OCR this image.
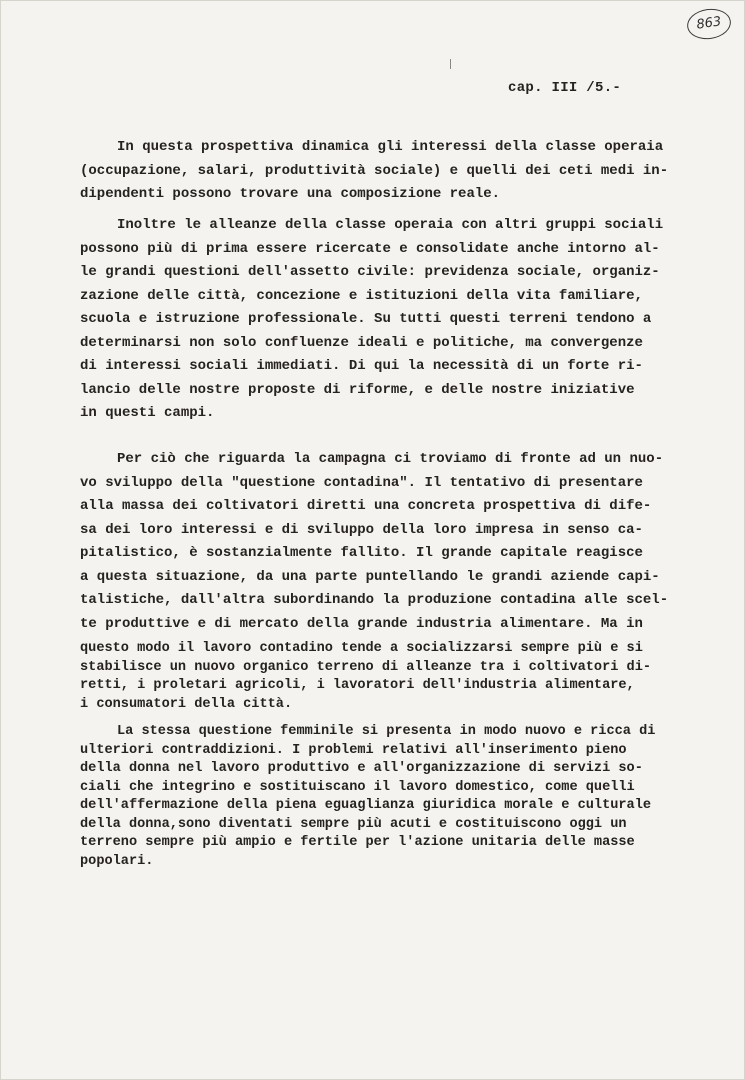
863
cap. III /5.-
In questa prospettiva dinamica gli interessi della classe operaia
(occupazione, salari, produttività sociale) e quelli dei ceti medi in-
dipendenti possono trovare una composizione reale.
Inoltre le alleanze della classe operaia con altri gruppi sociali
possono più di prima essere ricercate e consolidate anche intorno al-
le grandi questioni dell'assetto civile: previdenza sociale, organiz-
zazione delle città, concezione e istituzioni della vita familiare,
scuola e istruzione professionale. Su tutti questi terreni tendono a
determinarsi non solo confluenze ideali e politiche, ma convergenze
di interessi sociali immediati. Di qui la necessità di un forte ri-
lancio delle nostre proposte di riforme, e delle nostre iniziative
in questi campi.
Per ciò che riguarda la campagna ci troviamo di fronte ad un nuo-
vo sviluppo della "questione contadina". Il tentativo di presentare
alla massa dei coltivatori diretti una concreta prospettiva di dife-
sa dei loro interessi e di sviluppo della loro impresa in senso ca-
pitalistico, è sostanzialmente fallito. Il grande capitale reagisce
a questa situazione, da una parte puntellando le grandi aziende capi-
talistiche, dall'altra subordinando la produzione contadina alle scel-
te produttive e di mercato della grande industria alimentare. Ma in
questo modo il lavoro contadino tende a socializzarsi sempre più e si
stabilisce un nuovo organico terreno di alleanze tra i coltivatori di-
retti, i proletari agricoli, i lavoratori dell'industria alimentare,
i consumatori della città.
La stessa questione femminile si presenta in modo nuovo e ricca di
ulteriori contraddizioni. I problemi relativi all'inserimento pieno
della donna nel lavoro produttivo e all'organizzazione di servizi so-
ciali che integrino e sostituiscano il lavoro domestico, come quelli
dell'affermazione della piena eguaglianza giuridica morale e culturale
della donna,sono diventati sempre più acuti e costituiscono oggi un
terreno sempre più ampio e fertile per l'azione unitaria delle masse
popolari.
